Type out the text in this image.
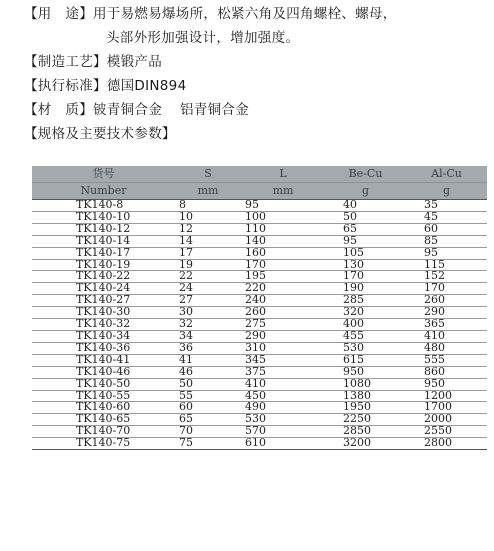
【用　途】用于易燃易爆场所，松紧六角及四角螺栓、螺母，
头部外形加强设计，增加强度。
【制造工艺】模锻产品
【执行标准】德国DIN894
【材　质】铍青铜合金 铝青铜合金
【规格及主要技术参数】
货号	S	L	Be-Cu	Al-Cu
Number	mm	mm	g	g
TK140-8	8	95	40	35
TK140-10	10	100	50	45
TK140-12	12	110	65	60
TK140-14	14	140	95	85
TK140-17	17	160	105	95
TK140-19	19	170	130	115
TK140-22	22	195	170	152
TK140-24	24	220	190	170
TK140-27	27	240	285	260
TK140-30	30	260	320	290
TK140-32	32	275	400	365
TK140-34	34	290	455	410
TK140-36	36	310	530	480
TK140-41	41	345	615	555
TK140-46	46	375	950	860
TK140-50	50	410	1080	950
TK140-55	55	450	1380	1200
TK140-60	60	490	1950	1700
TK140-65	65	530	2250	2000
TK140-70	70	570	2850	2550
TK140-75	75	610	3200	2800
